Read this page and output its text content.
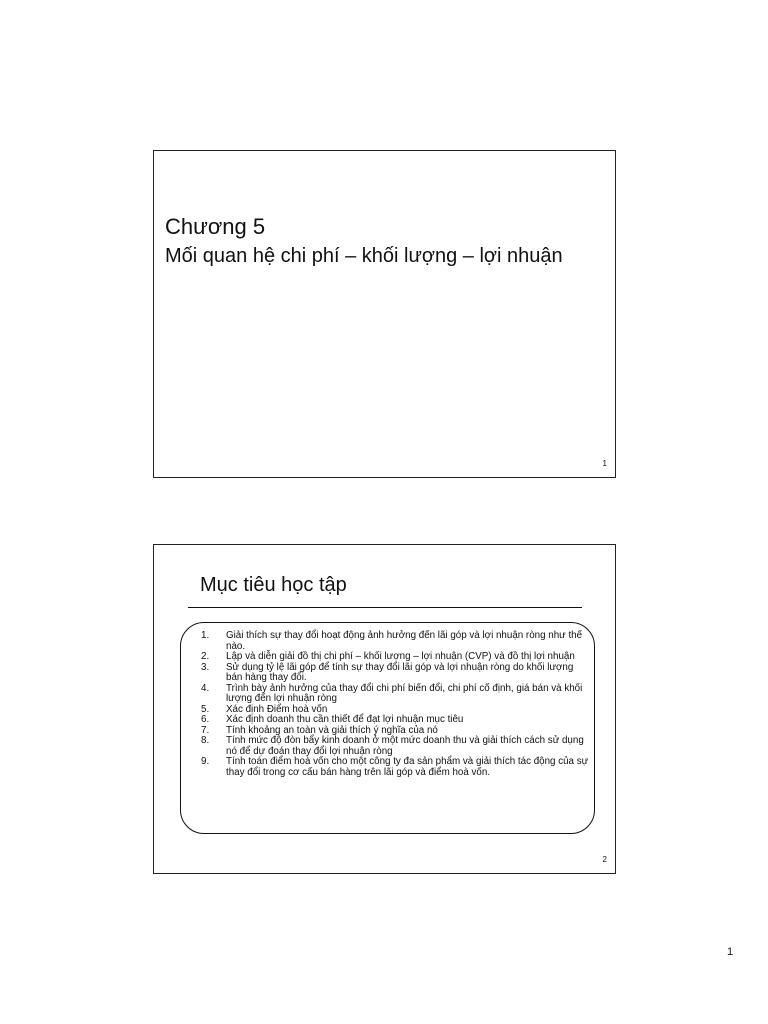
Chương 5
Mối quan hệ chi phí – khối lượng – lợi nhuận
1
Mục tiêu học tập
1.	Giải thích sự thay đổi hoạt động ảnh hưởng đến lãi góp và lợi nhuận ròng như thế nào.
2.	Lập và diễn giải đồ thị chi phí – khối lượng – lợi nhuận (CVP) và đồ thị lợi nhuận
3.	Sử dụng tỷ lệ lãi góp để tính sự thay đổi lãi góp và lợi nhuận ròng do khối lượng bán hàng thay đổi.
4.	Trình bày ảnh hưởng của thay đổi chi phí biến đổi, chi phí cố định, giá bán và khối lượng đến lợi nhuận ròng
5.	Xác định Điểm hoà vốn
6.	Xác định doanh thu cần thiết để đạt lợi nhuận mục tiêu
7.	Tính khoảng an toàn và giải thích ý nghĩa của nó
8.	Tính mức độ đòn bẩy kinh doanh ở một mức doanh thu và giải thích cách sử dụng nó để dự đoán thay đổi lợi nhuận ròng
9.	Tính toán điểm hoà vốn cho một công ty đa sản phẩm và giải thích tác động của sự thay đổi trong cơ cấu bán hàng trên lãi góp và điểm hoà vốn.
2
1
